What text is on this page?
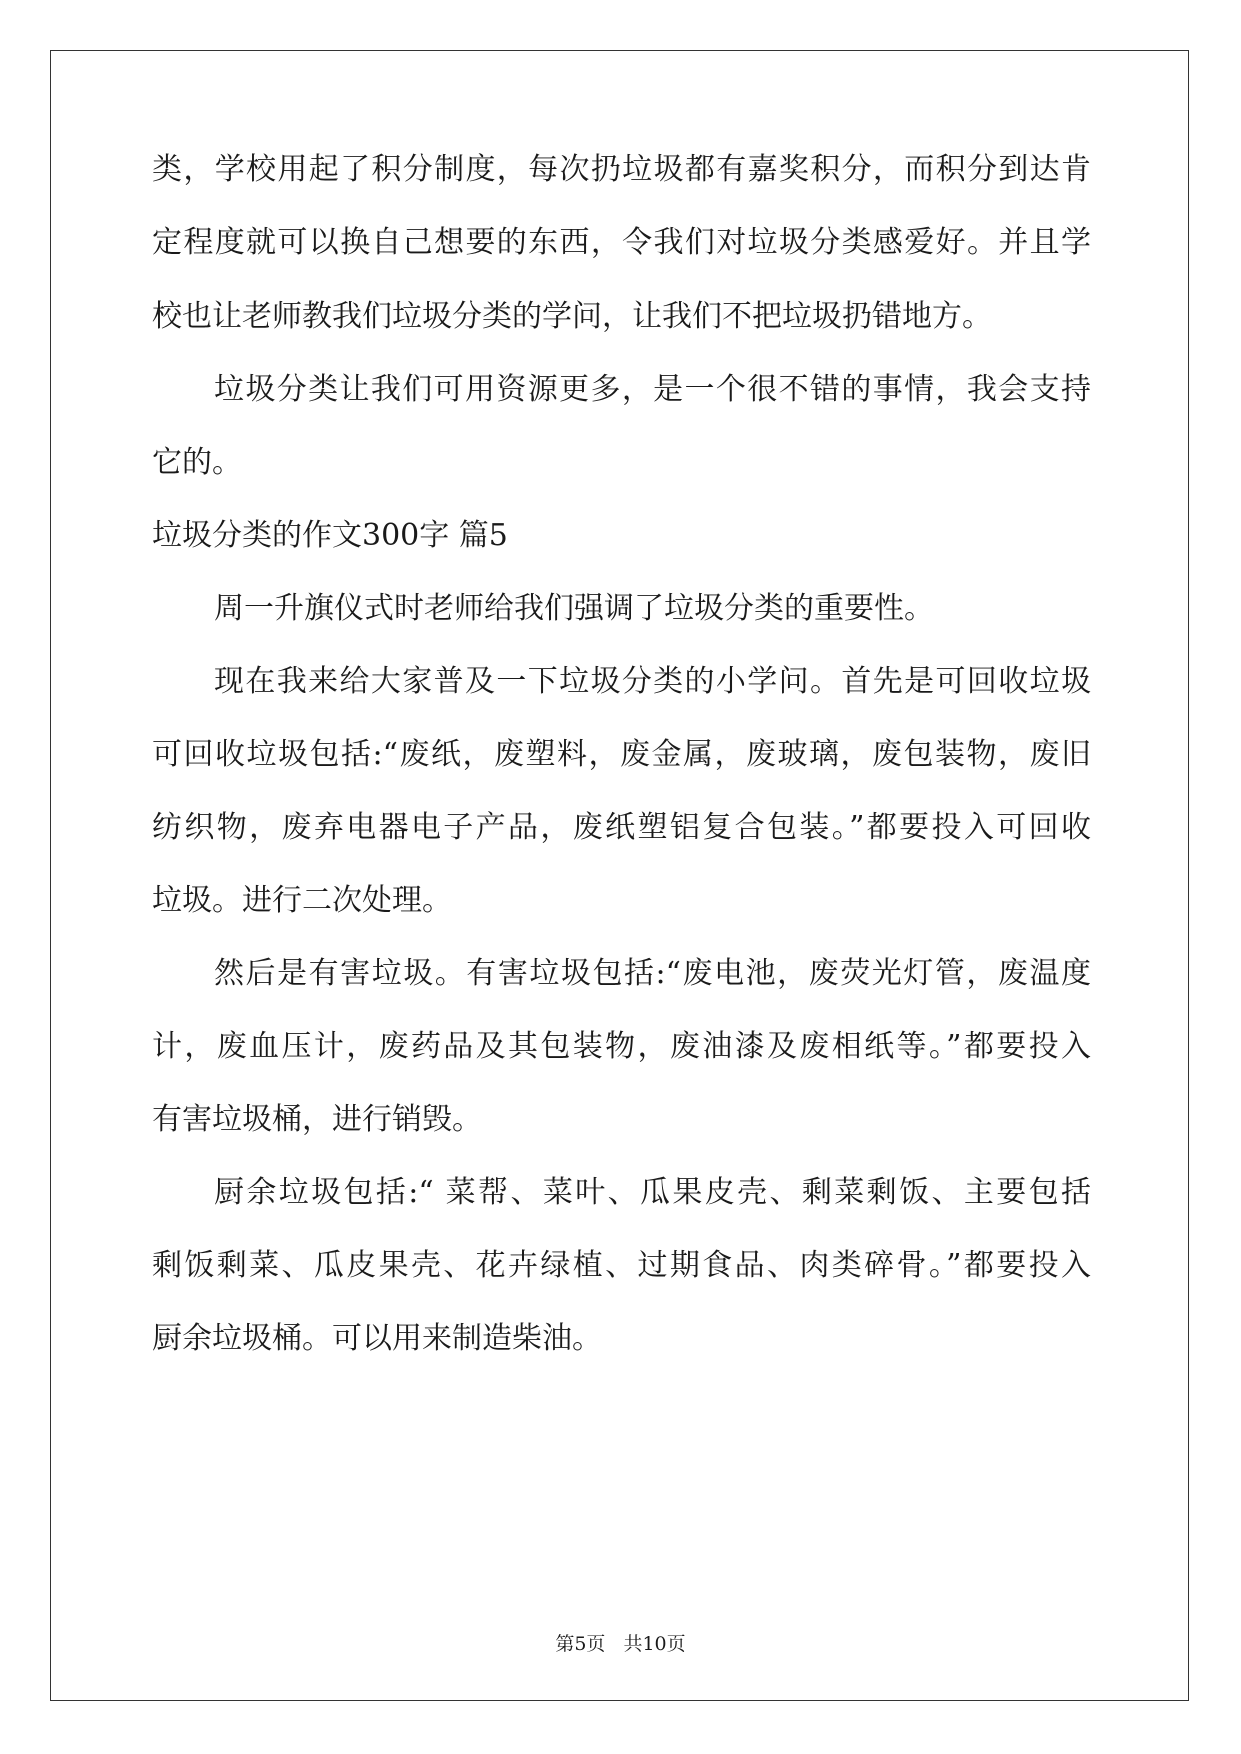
类，学校用起了积分制度，每次扔垃圾都有嘉奖积分，而积分到达肯
定程度就可以换自己想要的东西，令我们对垃圾分类感爱好。并且学
校也让老师教我们垃圾分类的学问，让我们不把垃圾扔错地方。
垃圾分类让我们可用资源更多，是一个很不错的事情，我会支持
它的。
垃圾分类的作文300字 篇5
周一升旗仪式时老师给我们强调了垃圾分类的重要性。
现在我来给大家普及一下垃圾分类的小学问。首先是可回收垃圾
可回收垃圾包括:“废纸，废塑料，废金属，废玻璃，废包装物，废旧
纺织物，废弃电器电子产品，废纸塑铝复合包装。”都要投入可回收
垃圾。进行二次处理。
然后是有害垃圾。有害垃圾包括:“废电池，废荧光灯管，废温度
计，废血压计，废药品及其包装物，废油漆及废相纸等。”都要投入
有害垃圾桶，进行销毁。
厨余垃圾包括:“ 菜帮、菜叶、瓜果皮壳、剩菜剩饭、主要包括
剩饭剩菜、瓜皮果壳、花卉绿植、过期食品、肉类碎骨。”都要投入
厨余垃圾桶。可以用来制造柴油。
第5页 共10页
